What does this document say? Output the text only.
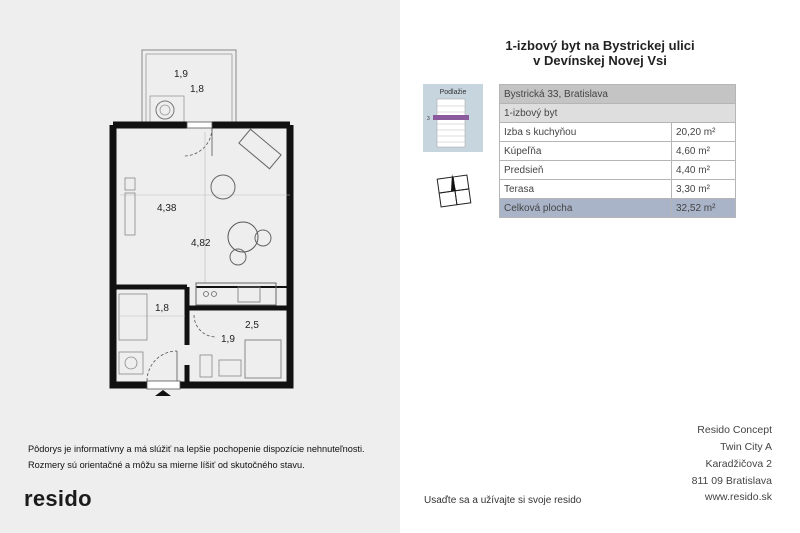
1,9
1,8
4,38
4,82
1,8
2,5
1,9
Pôdorys je informatívny a má slúžiť na lepšie pochopenie dispozície nehnuteľnosti.
Rozmery sú orientačné a môžu sa mierne líšiť od skutočného stavu.
resido
1-izbový byt na Bystrickej ulici
v Devínskej Novej Vsi
Podlažie
3
Bystrická 33, Bratislava	
1-izbový byt	
Izba s kuchyňou	20,20 m²
Kúpeľňa	4,60 m²
Predsieň	4,40 m²
Terasa	3,30 m²
Celková plocha	32,52 m²
Resido Concept
Twin City A
Karadžičova 2
811 09 Bratislava
www.resido.sk
Usaďte sa a užívajte si svoje resido
